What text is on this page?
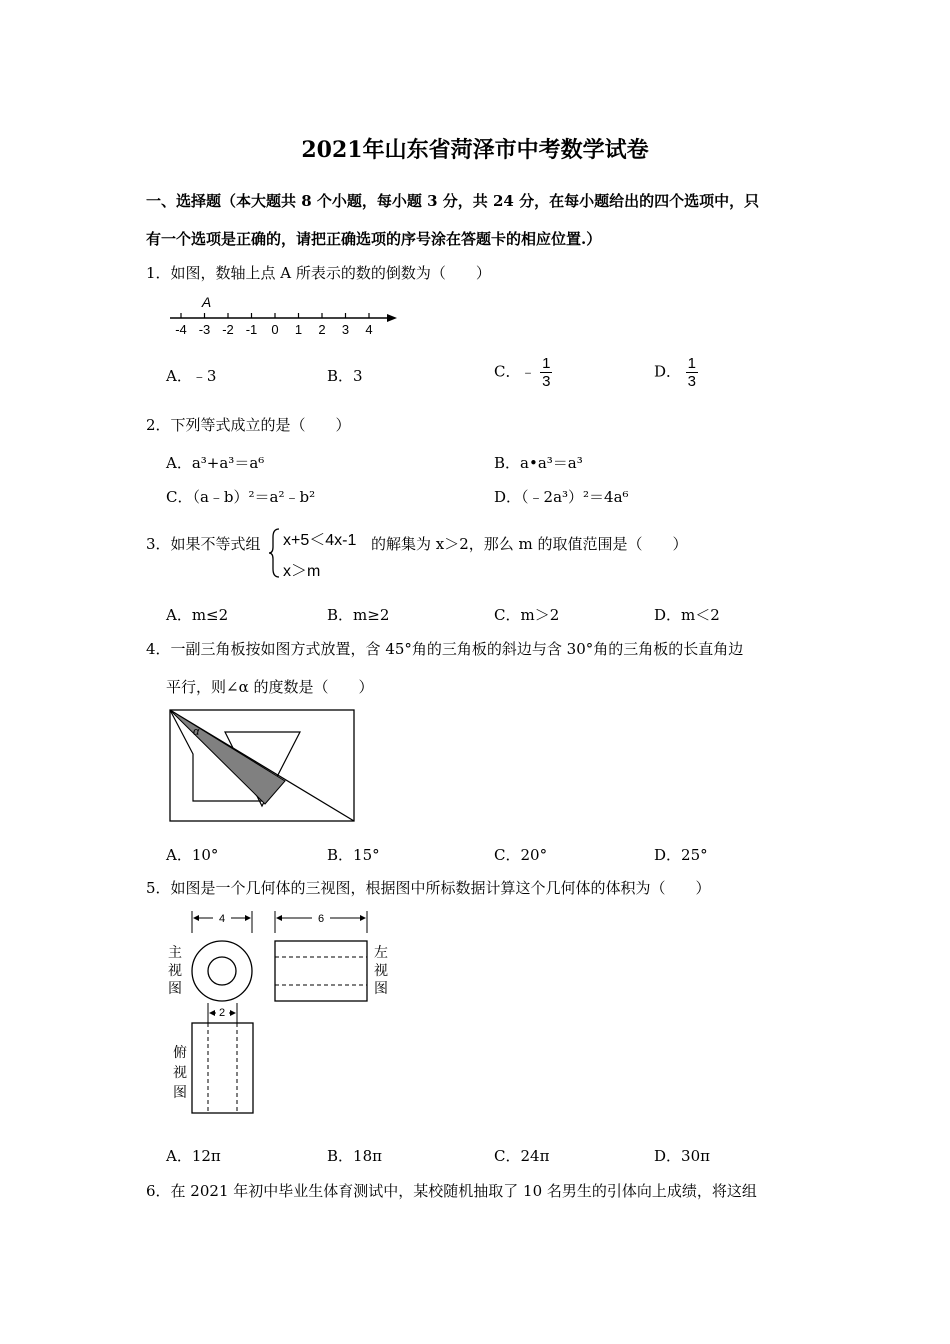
2021年山东省菏泽市中考数学试卷
一、选择题（本大题共 8 个小题，每小题 3 分，共 24 分，在每小题给出的四个选项中，只
有一个选项是正确的，请把正确选项的序号涂在答题卡的相应位置.）
1．如图，数轴上点 A 所表示的数的倒数为（　　）
-4 -3 -2 -1 0 1 2 3 4
A
A．﹣3	B．3	C．﹣ $\frac{1}{3}$	D． $\frac{1}{3}$
2．下列等式成立的是（　　）
A．a³+a³＝a⁶	B．a•a³＝a³
C．（a﹣b）²＝a²﹣b²	D．（﹣2a³）²＝4a⁶
3．如果不等式组 x+5＜4x-1
x＞m
的解集为 x＞2，那么 m 的取值范围是（　　）
A．m≤2	B．m≥2	C．m＞2	D．m＜2
4．一副三角板按如图方式放置，含 45°角的三角板的斜边与含 30°角的三角板的长直角边
平行，则∠α 的度数是（　　）
α
A．10°	B．15°	C．20°	D．25°
5．如图是一个几何体的三视图，根据图中所标数据计算这个几何体的体积为（　　）
4
主
视
图
6
左
视
图
2
俯
视
图
A．12π	B．18π	C．24π	D．30π
6．在 2021 年初中毕业生体育测试中，某校随机抽取了 10 名男生的引体向上成绩，将这组
